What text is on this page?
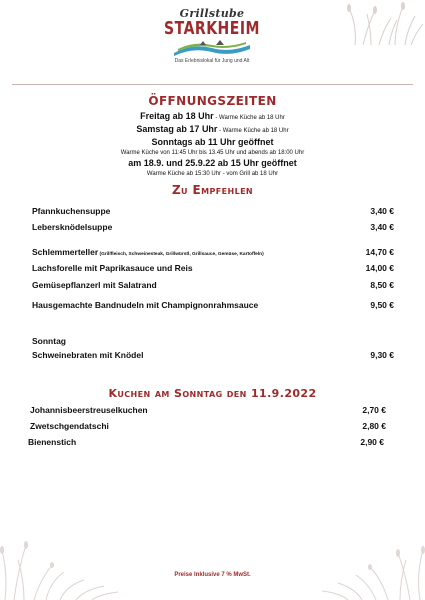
Grillstube
STARKHEIM
Das Erlebnislokal für Jung und Alt
ÖFFNUNGSZEITEN
Freitag ab 18 Uhr - Warme Küche ab 18 Uhr
Samstag ab 17 Uhr - Warme Küche ab 18 Uhr
Sonntags ab 11 Uhr geöffnet
Warme Küche von 11:45 Uhr bis 13.45 Uhr und abends ab 18:00 Uhr
am 18.9. und 25.9.22 ab 15 Uhr geöffnet
Warme Küche ab 15:30 Uhr - vom Grill ab 18 Uhr
Zu Empfehlen
Pfannkuchensuppe	3,40 €
Lebersknödelsuppe	3,40 €
Schlemmerteller (Grillfleisch, Schweinesteak, Grillwürstl, Grillsauce, Gemüse, Kartoffeln)	14,70 €
Lachsforelle mit Paprikasauce und Reis	14,00 €
Gemüsepflanzerl mit Salatrand	8,50 €
Hausgemachte Bandnudeln mit Champignonrahmsauce	9,50 €
Sonntag
Schweinebraten mit Knödel	9,30 €
Kuchen am Sonntag den 11.9.2022
Johannisbeerstreuselkuchen	2,70 €
Zwetschgendatschi	2,80 €
Bienenstich	2,90 €
Preise Inklusive 7 % MwSt.
